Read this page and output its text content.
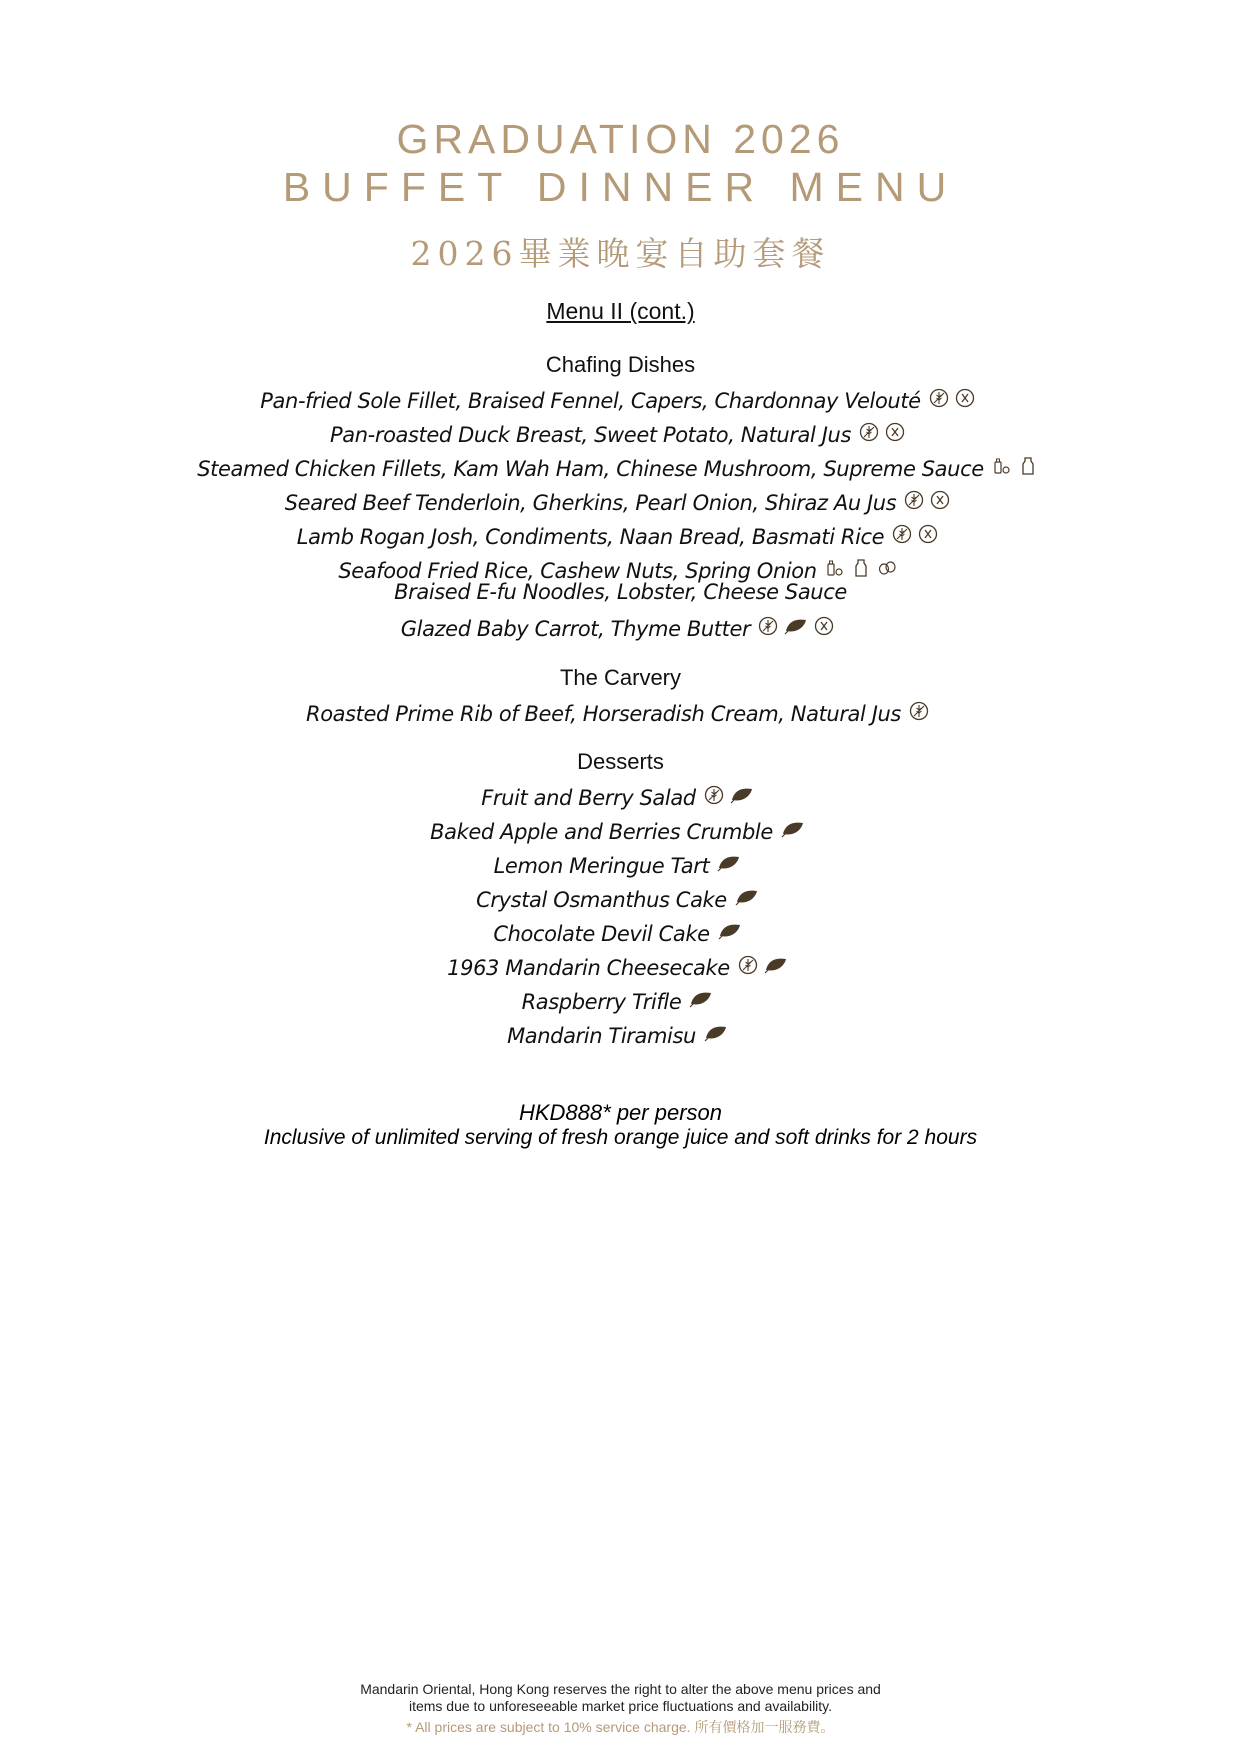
GRADUATION 2026
BUFFET DINNER MENU
2026畢業晚宴自助套餐
Menu II (cont.)
Chafing Dishes
Pan-fried Sole Fillet, Braised Fennel, Capers, Chardonnay Velouté
Pan-roasted Duck Breast, Sweet Potato, Natural Jus
Steamed Chicken Fillets, Kam Wah Ham, Chinese Mushroom, Supreme Sauce
Seared Beef Tenderloin, Gherkins, Pearl Onion, Shiraz Au Jus
Lamb Rogan Josh, Condiments, Naan Bread, Basmati Rice
Seafood Fried Rice, Cashew Nuts, Spring Onion
Braised E-fu Noodles, Lobster, Cheese Sauce
Glazed Baby Carrot, Thyme Butter
The Carvery
Roasted Prime Rib of Beef, Horseradish Cream, Natural Jus
Desserts
Fruit and Berry Salad
Baked Apple and Berries Crumble
Lemon Meringue Tart
Crystal Osmanthus Cake
Chocolate Devil Cake
1963 Mandarin Cheesecake
Raspberry Trifle
Mandarin Tiramisu
HKD888* per person
Inclusive of unlimited serving of fresh orange juice and soft drinks for 2 hours
Mandarin Oriental, Hong Kong reserves the right to alter the above menu prices and
items due to unforeseeable market price fluctuations and availability.
* All prices are subject to 10% service charge. 所有價格加一服務費。
